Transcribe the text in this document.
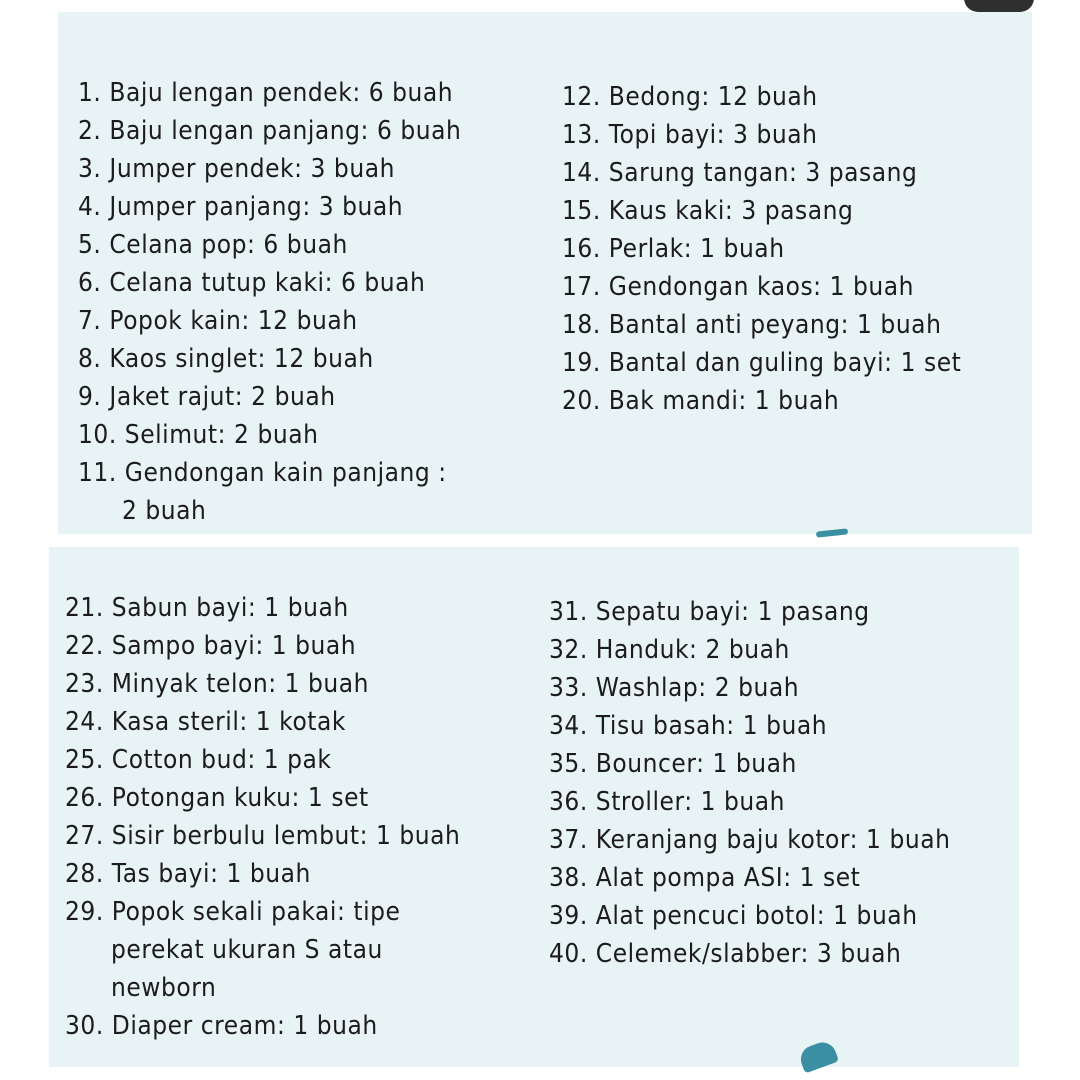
1. Baju lengan pendek: 6 buah
2. Baju lengan panjang: 6 buah
3. Jumper pendek: 3 buah
4. Jumper panjang: 3 buah
5. Celana pop: 6 buah
6. Celana tutup kaki: 6 buah
7. Popok kain: 12 buah
8. Kaos singlet: 12 buah
9. Jaket rajut: 2 buah
10. Selimut: 2 buah
11. Gendongan kain panjang :
2 buah
12. Bedong: 12 buah
13. Topi bayi: 3 buah
14. Sarung tangan: 3 pasang
15. Kaus kaki: 3 pasang
16. Perlak: 1 buah
17. Gendongan kaos: 1 buah
18. Bantal anti peyang: 1 buah
19. Bantal dan guling bayi: 1 set
20. Bak mandi: 1 buah
21. Sabun bayi: 1 buah
22. Sampo bayi: 1 buah
23. Minyak telon: 1 buah
24. Kasa steril: 1 kotak
25. Cotton bud: 1 pak
26. Potongan kuku: 1 set
27. Sisir berbulu lembut: 1 buah
28. Tas bayi: 1 buah
29. Popok sekali pakai: tipe
perekat ukuran S atau
newborn
30. Diaper cream: 1 buah
31. Sepatu bayi: 1 pasang
32. Handuk: 2 buah
33. Washlap: 2 buah
34. Tisu basah: 1 buah
35. Bouncer: 1 buah
36. Stroller: 1 buah
37. Keranjang baju kotor: 1 buah
38. Alat pompa ASI: 1 set
39. Alat pencuci botol: 1 buah
40. Celemek/slabber: 3 buah
